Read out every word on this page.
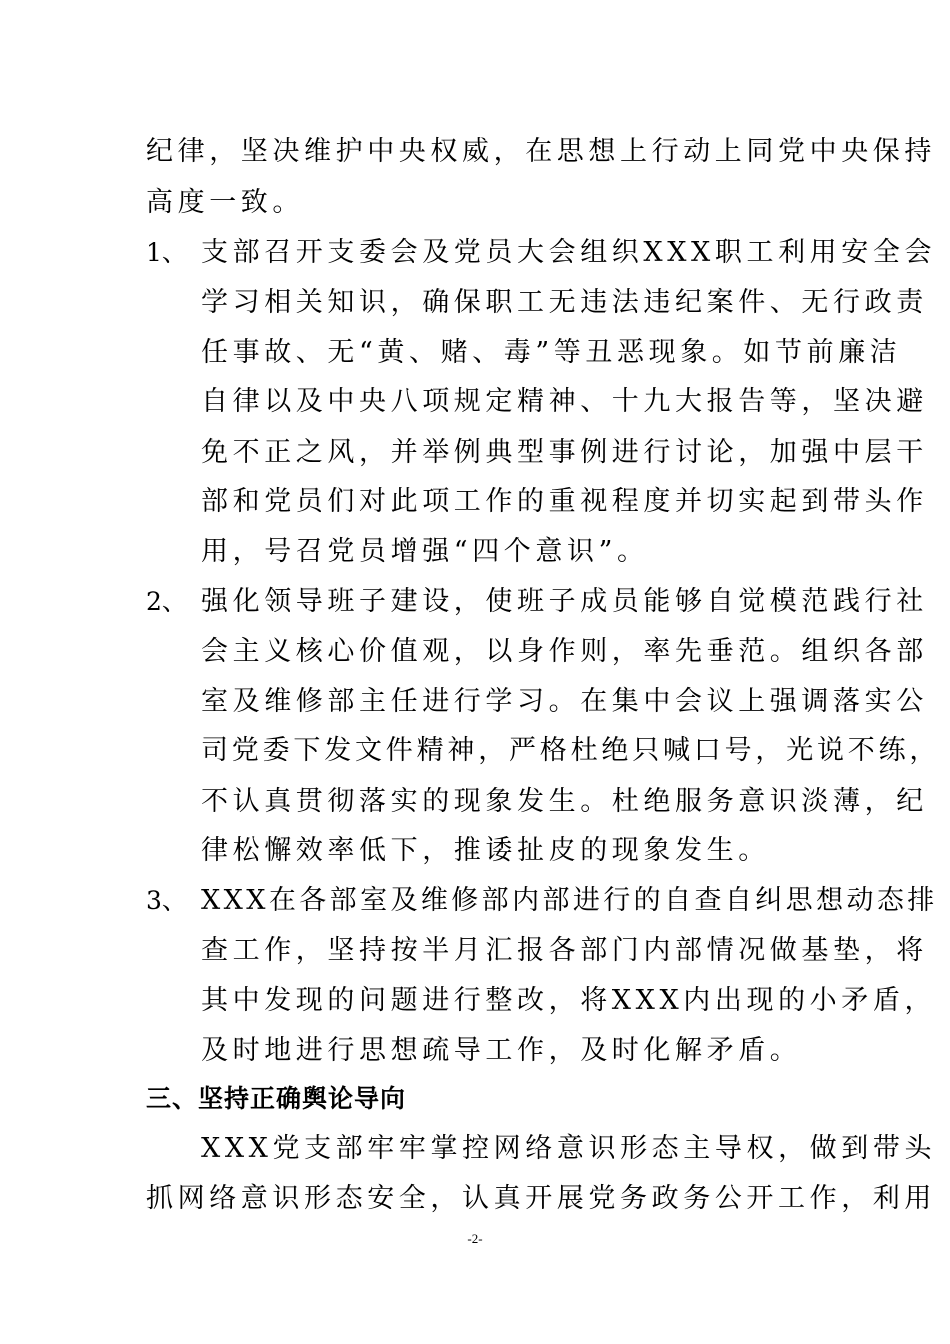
纪律，坚决维护中央权威，在思想上行动上同党中央保持
高度一致。
1、 支部召开支委会及党员大会组织XXX职工利用安全会
学习相关知识，确保职工无违法违纪案件、无行政责
任事故、无“黄、赌、毒”等丑恶现象。如节前廉洁
自律以及中央八项规定精神、十九大报告等，坚决避
免不正之风，并举例典型事例进行讨论，加强中层干
部和党员们对此项工作的重视程度并切实起到带头作
用，号召党员增强“四个意识”。
2、 强化领导班子建设，使班子成员能够自觉模范践行社
会主义核心价值观，以身作则，率先垂范。组织各部
室及维修部主任进行学习。在集中会议上强调落实公
司党委下发文件精神，严格杜绝只喊口号，光说不练，
不认真贯彻落实的现象发生。杜绝服务意识淡薄，纪
律松懈效率低下，推诿扯皮的现象发生。
3、 XXX在各部室及维修部内部进行的自查自纠思想动态排
查工作，坚持按半月汇报各部门内部情况做基垫，将
其中发现的问题进行整改，将XXX内出现的小矛盾，
及时地进行思想疏导工作，及时化解矛盾。
三、坚持正确舆论导向
XXX党支部牢牢掌控网络意识形态主导权，做到带头
抓网络意识形态安全，认真开展党务政务公开工作，利用
-2-
